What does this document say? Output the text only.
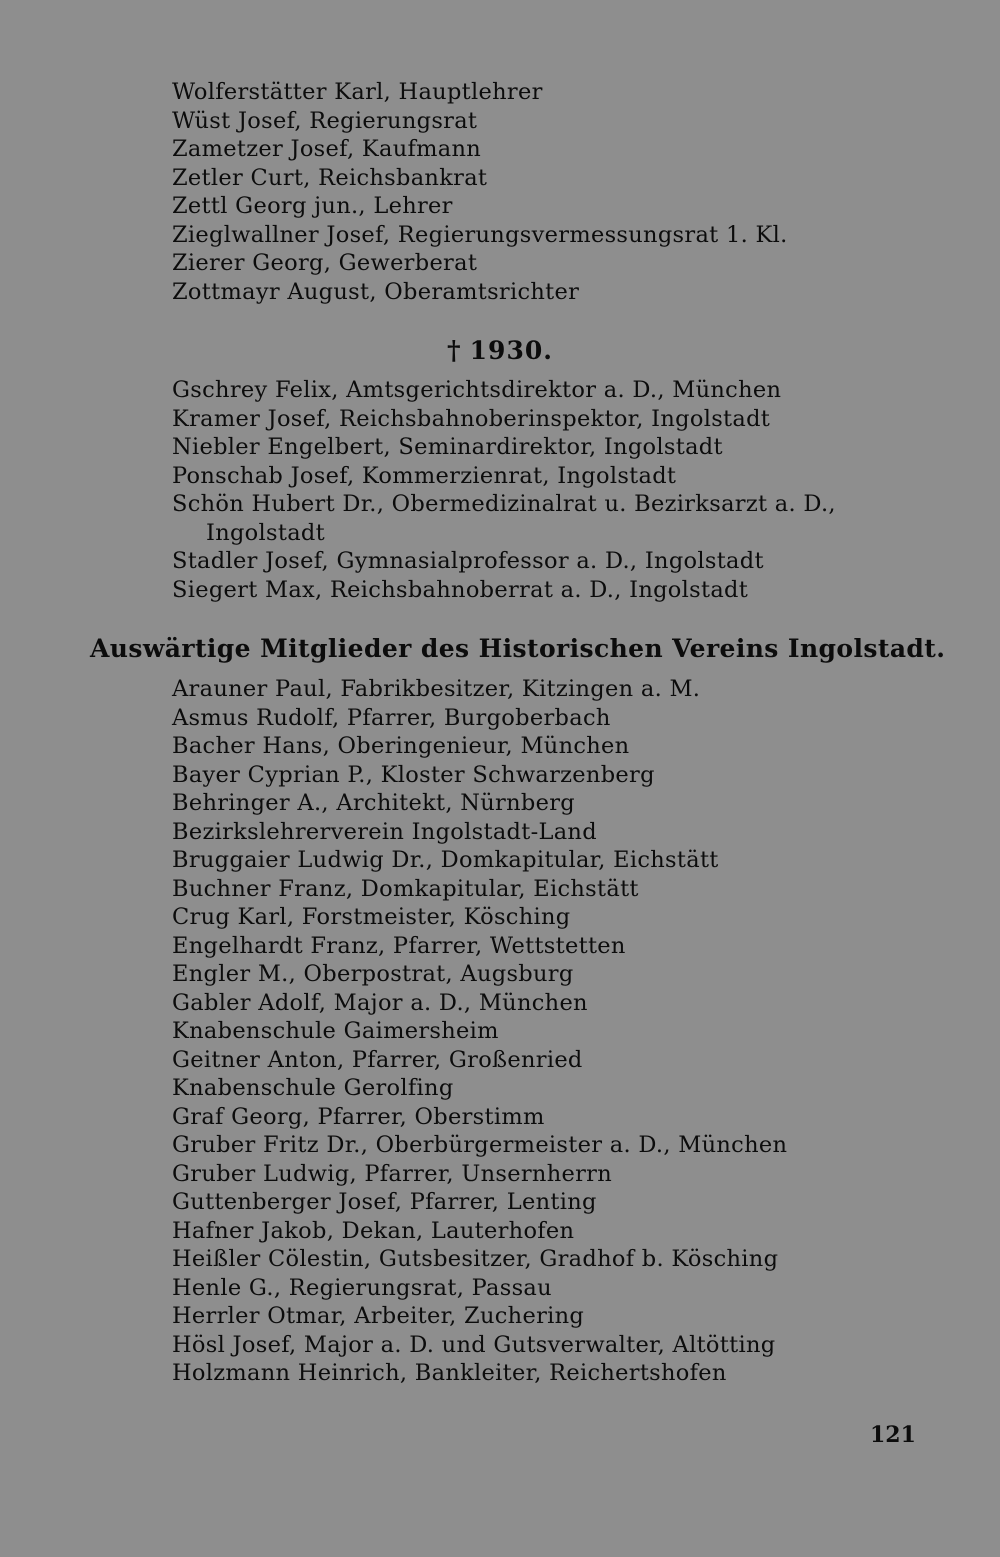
Wolferstätter Karl, Hauptlehrer
Wüst Josef, Regierungsrat
Zametzer Josef, Kaufmann
Zetler Curt, Reichsbankrat
Zettl Georg jun., Lehrer
Zieglwallner Josef, Regierungsvermessungsrat 1. Kl.
Zierer Georg, Gewerberat
Zottmayr August, Oberamtsrichter
† 1930.
Gschrey Felix, Amtsgerichtsdirektor a. D., München
Kramer Josef, Reichsbahnoberinspektor, Ingolstadt
Niebler Engelbert, Seminardirektor, Ingolstadt
Ponschab Josef, Kommerzienrat, Ingolstadt
Schön Hubert Dr., Obermedizinalrat u. Bezirksarzt a. D.,
Ingolstadt
Stadler Josef, Gymnasialprofessor a. D., Ingolstadt
Siegert Max, Reichsbahnoberrat a. D., Ingolstadt
Auswärtige Mitglieder des Historischen Vereins Ingolstadt.
Arauner Paul, Fabrikbesitzer, Kitzingen a. M.
Asmus Rudolf, Pfarrer, Burgoberbach
Bacher Hans, Oberingenieur, München
Bayer Cyprian P., Kloster Schwarzenberg
Behringer A., Architekt, Nürnberg
Bezirkslehrerverein Ingolstadt-Land
Bruggaier Ludwig Dr., Domkapitular, Eichstätt
Buchner Franz, Domkapitular, Eichstätt
Crug Karl, Forstmeister, Kösching
Engelhardt Franz, Pfarrer, Wettstetten
Engler M., Oberpostrat, Augsburg
Gabler Adolf, Major a. D., München
Knabenschule Gaimersheim
Geitner Anton, Pfarrer, Großenried
Knabenschule Gerolfing
Graf Georg, Pfarrer, Oberstimm
Gruber Fritz Dr., Oberbürgermeister a. D., München
Gruber Ludwig, Pfarrer, Unsernherrn
Guttenberger Josef, Pfarrer, Lenting
Hafner Jakob, Dekan, Lauterhofen
Heißler Cölestin, Gutsbesitzer, Gradhof b. Kösching
Henle G., Regierungsrat, Passau
Herrler Otmar, Arbeiter, Zuchering
Hösl Josef, Major a. D. und Gutsverwalter, Altötting
Holzmann Heinrich, Bankleiter, Reichertshofen
121
